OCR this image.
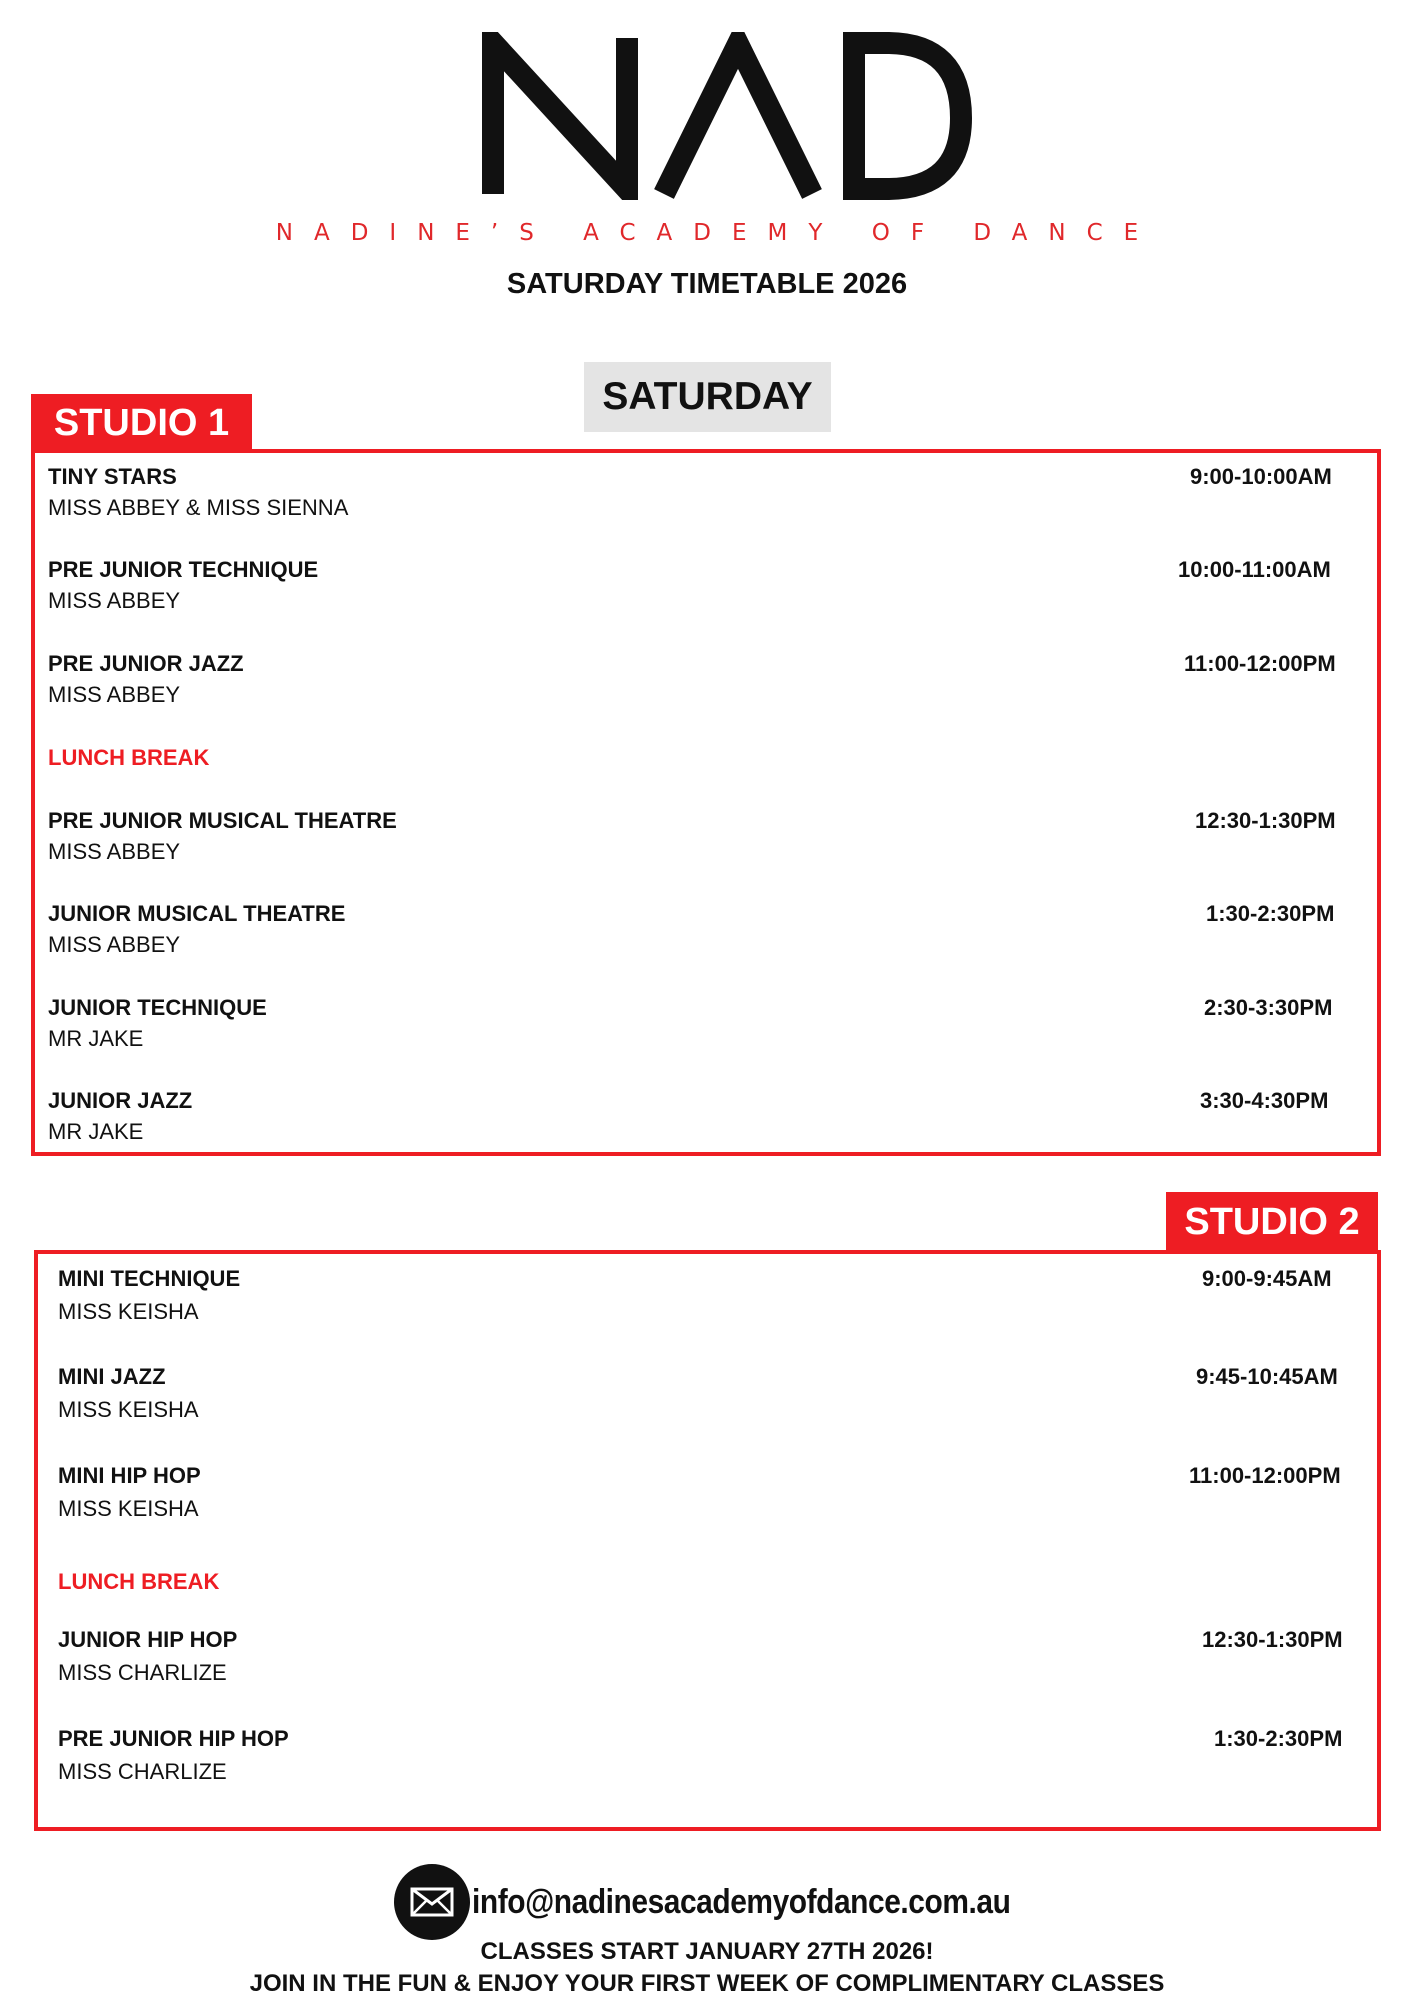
NADINE’S ACADEMY OF DANCE
SATURDAY TIMETABLE 2026
SATURDAY
STUDIO 1
TINY STARS
MISS ABBEY & MISS SIENNA
9:00-10:00AM
PRE JUNIOR TECHNIQUE
MISS ABBEY
10:00-11:00AM
PRE JUNIOR JAZZ
MISS ABBEY
11:00-12:00PM
LUNCH BREAK
PRE JUNIOR MUSICAL THEATRE
MISS ABBEY
12:30-1:30PM
JUNIOR MUSICAL THEATRE
MISS ABBEY
1:30-2:30PM
JUNIOR TECHNIQUE
MR JAKE
2:30-3:30PM
JUNIOR JAZZ
MR JAKE
3:30-4:30PM
STUDIO 2
MINI TECHNIQUE
MISS KEISHA
9:00-9:45AM
MINI JAZZ
MISS KEISHA
9:45-10:45AM
MINI HIP HOP
MISS KEISHA
11:00-12:00PM
LUNCH BREAK
JUNIOR HIP HOP
MISS CHARLIZE
12:30-1:30PM
PRE JUNIOR HIP HOP
MISS CHARLIZE
1:30-2:30PM
info@nadinesacademyofdance.com.au
CLASSES START JANUARY 27TH 2026!
JOIN IN THE FUN & ENJOY YOUR FIRST WEEK OF COMPLIMENTARY CLASSES
